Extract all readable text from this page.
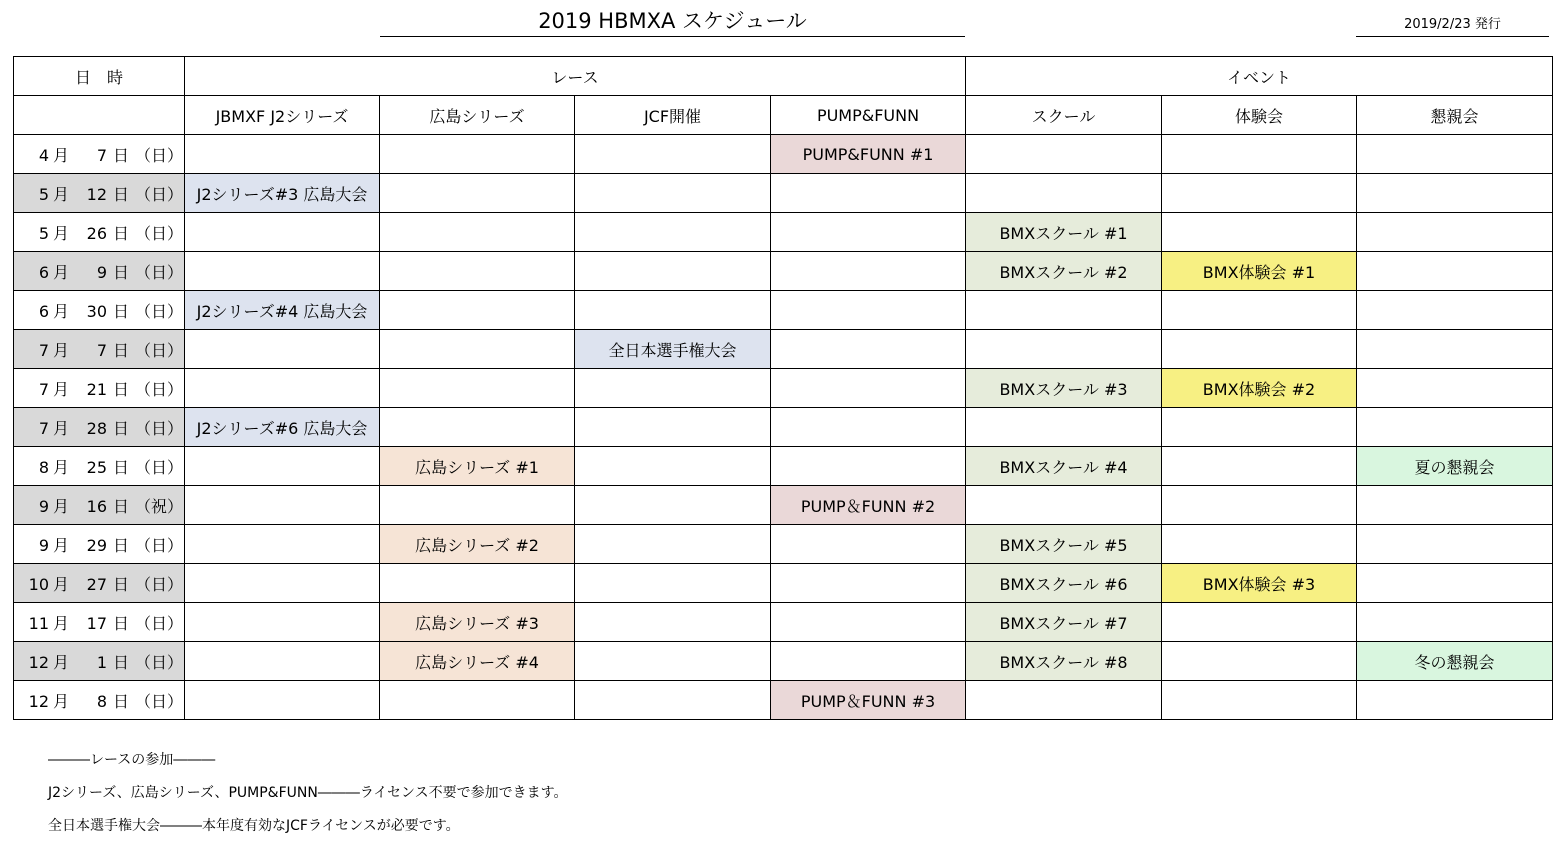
2019 HBMXA スケジュール	2019/2/23 発行
日　時	レース				イベント		
	JBMXF J2シリーズ	広島シリーズ	JCF開催	PUMP&FUNN	スクール	体験会	懇親会
4 月 7 日 （日）				PUMP&FUNN #1			
5 月 12 日 （日）	J2シリーズ#3 広島大会						
5 月 26 日 （日）					BMXスクール #1		
6 月 9 日 （日）					BMXスクール #2	BMX体験会 #1	
6 月 30 日 （日）	J2シリーズ#4 広島大会						
7 月 7 日 （日）			全日本選手権大会				
7 月 21 日 （日）					BMXスクール #3	BMX体験会 #2	
7 月 28 日 （日）	J2シリーズ#6 広島大会						
8 月 25 日 （日）		広島シリーズ #1			BMXスクール #4		夏の懇親会
9 月 16 日 （祝）				PUMP＆FUNN #2			
9 月 29 日 （日）		広島シリーズ #2			BMXスクール #5		
10 月 27 日 （日）					BMXスクール #6	BMX体験会 #3	
11 月 17 日 （日）		広島シリーズ #3			BMXスクール #7		
12 月 1 日 （日）		広島シリーズ #4			BMXスクール #8		冬の懇親会
12 月 8 日 （日）				PUMP＆FUNN #3			
―――レースの参加―――
J2シリーズ、広島シリーズ、PUMP&FUNN―――ライセンス不要で参加できます。
全日本選手権大会―――本年度有効なJCFライセンスが必要です。
